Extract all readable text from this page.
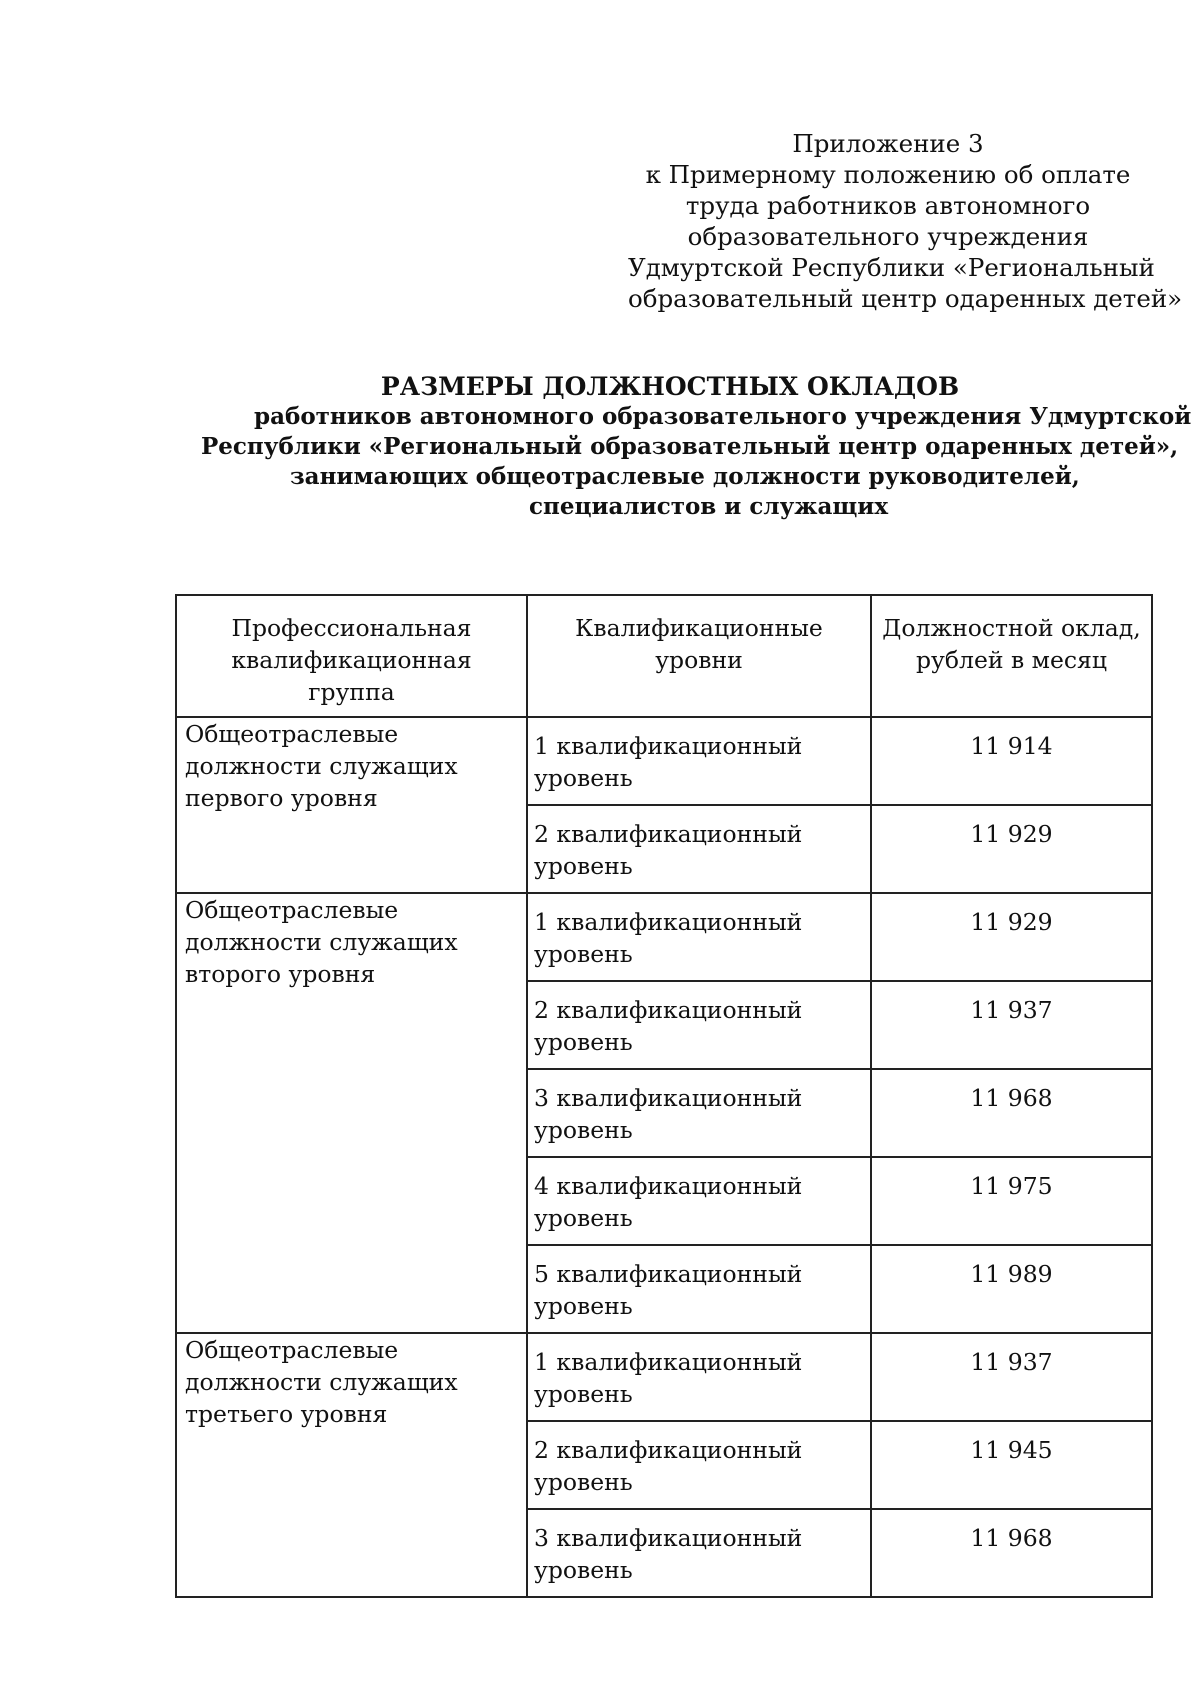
Приложение 3
к Примерному положению об оплате
труда работников автономного
образовательного учреждения
Удмуртской Республики «Региональный
образовательный центр одаренных детей»
РАЗМЕРЫ ДОЛЖНОСТНЫХ ОКЛАДОВ
работников автономного образовательного учреждения Удмуртской
Республики «Региональный образовательный центр одаренных детей»,
занимающих общеотраслевые должности руководителей,
специалистов и служащих
Профессиональная квалификационная группа	Квалификационные уровни	Должностной оклад, рублей в месяц
Общеотраслевые должности служащих первого уровня	1 квалификационный уровень	11 914
	2 квалификационный уровень	11 929
Общеотраслевые должности служащих второго уровня	1 квалификационный уровень	11 929
	2 квалификационный уровень	11 937
	3 квалификационный уровень	11 968
	4 квалификационный уровень	11 975
	5 квалификационный уровень	11 989
Общеотраслевые должности служащих третьего уровня	1 квалификационный уровень	11 937
	2 квалификационный уровень	11 945
	3 квалификационный уровень	11 968
